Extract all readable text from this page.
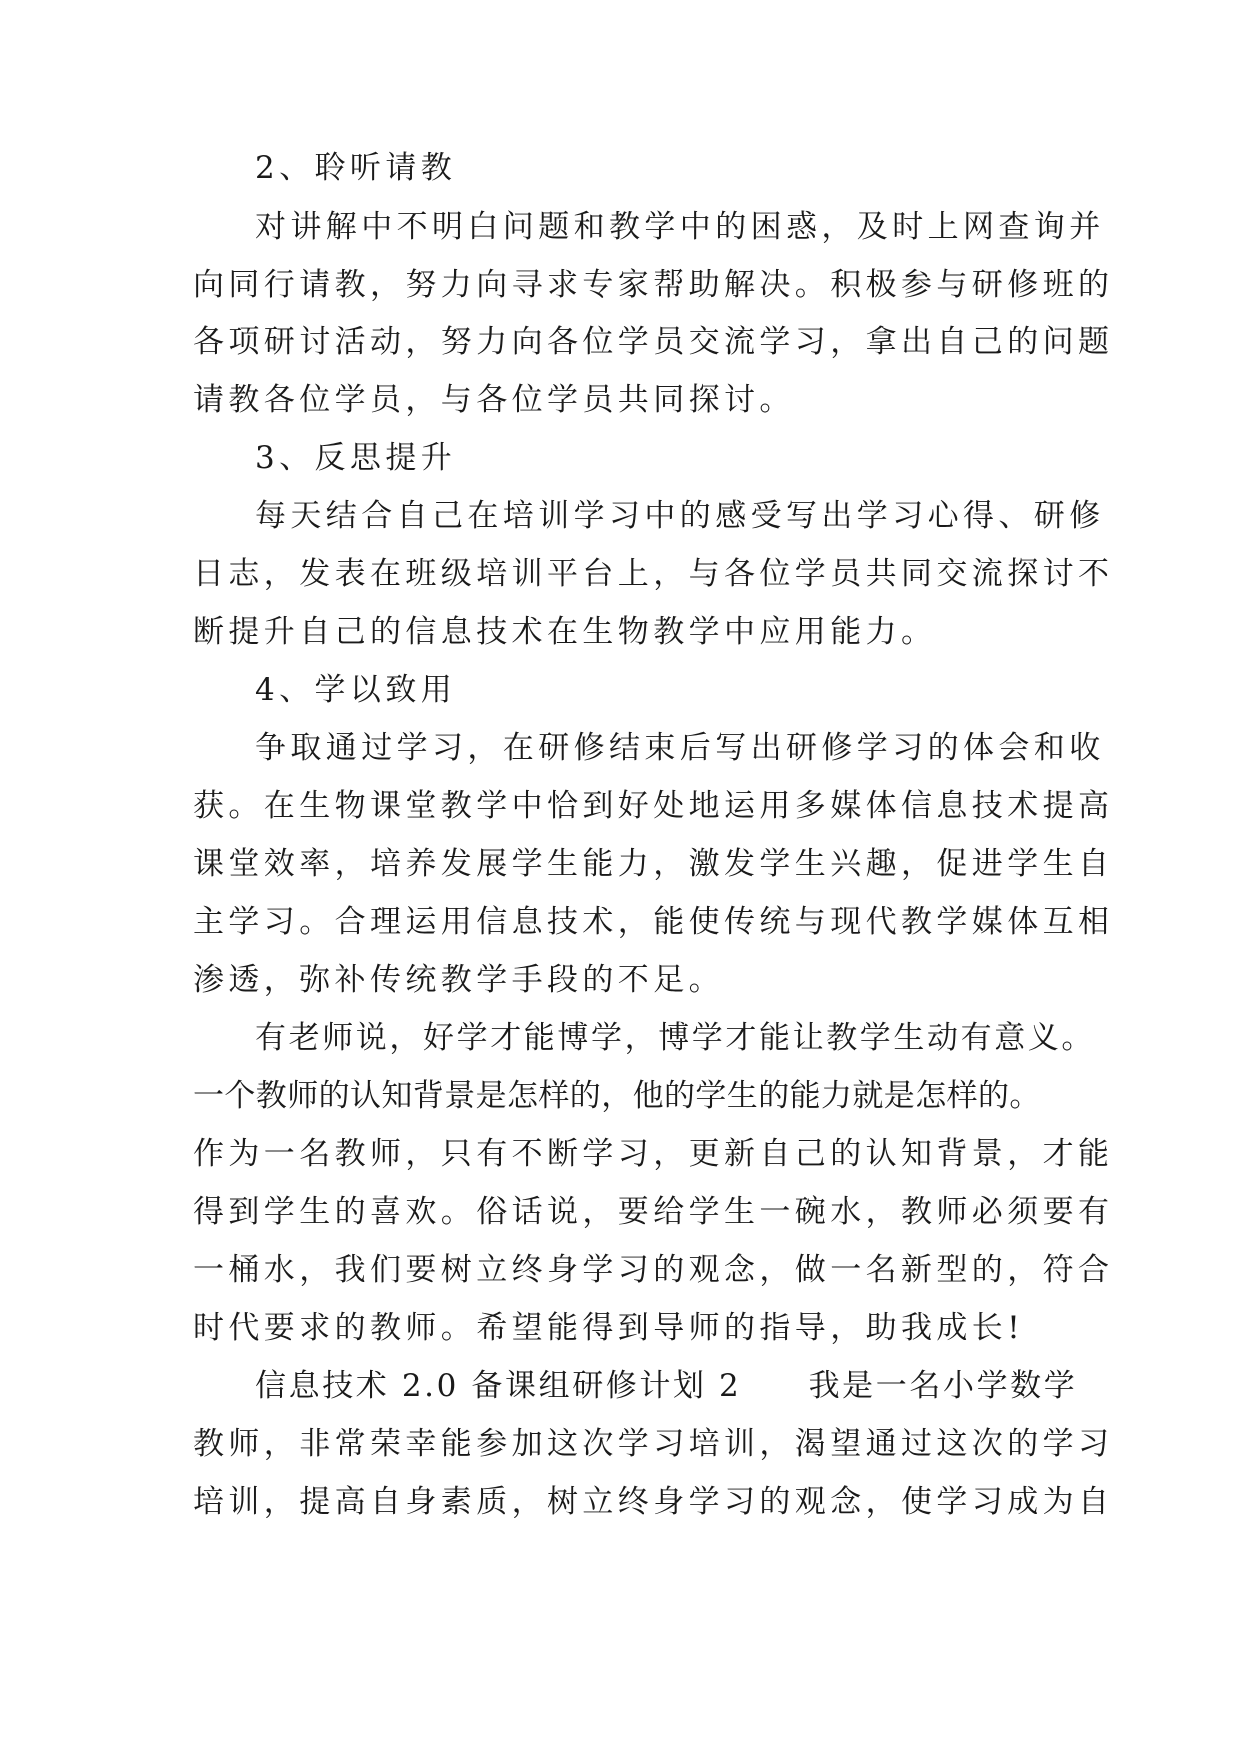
2、聆听请教
对讲解中不明白问题和教学中的困惑，及时上网查询并
向同行请教，努力向寻求专家帮助解决。积极参与研修班的
各项研讨活动，努力向各位学员交流学习，拿出自己的问题
请教各位学员，与各位学员共同探讨。
3、反思提升
每天结合自己在培训学习中的感受写出学习心得、研修
日志，发表在班级培训平台上，与各位学员共同交流探讨不
断提升自己的信息技术在生物教学中应用能力。
4、学以致用
争取通过学习，在研修结束后写出研修学习的体会和收
获。在生物课堂教学中恰到好处地运用多媒体信息技术提高
课堂效率，培养发展学生能力，激发学生兴趣，促进学生自
主学习。合理运用信息技术，能使传统与现代教学媒体互相
渗透，弥补传统教学手段的不足。
有老师说，好学才能博学，博学才能让教学生动有意义。
一个教师的认知背景是怎样的，他的学生的能力就是怎样的。
作为一名教师，只有不断学习，更新自己的认知背景，才能
得到学生的喜欢。俗话说，要给学生一碗水，教师必须要有
一桶水，我们要树立终身学习的观念，做一名新型的，符合
时代要求的教师。希望能得到导师的指导，助我成长!
信息技术 2.0 备课组研修计划 2　　我是一名小学数学
教师，非常荣幸能参加这次学习培训，渴望通过这次的学习
培训，提高自身素质，树立终身学习的观念，使学习成为自
